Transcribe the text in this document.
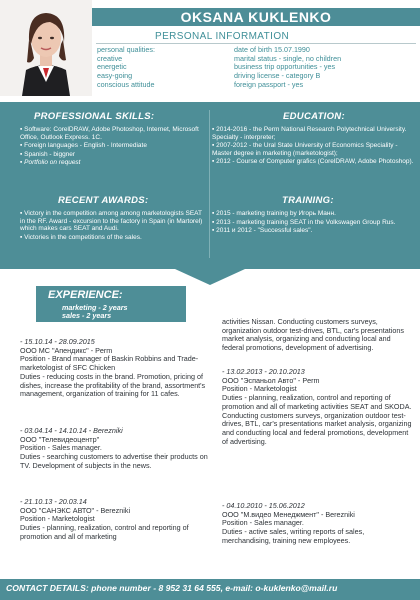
OKSANA KUKLENKO
PERSONAL INFORMATION
personal qualities:
creative
energetic
easy-going
conscious attitude
date of birth 15.07.1990
marital status - single, no children
business trip opportunities - yes
driving license - category B
foreign passport - yes
PROFESSIONAL SKILLS:
▪ Software: CorelDRAW, Adobe Photoshop, Internet, Microsoft Office, Outlook Express. 1C.
▪ Foreign languages - English - Intermediate
▪ Spanish - biggner
▪ Portfolio on request
EDUCATION:
▪ 2014-2016 - the Perm National Research Polytechnical University. Specialty - interpreter;
▪ 2007-2012 - the Ural State University of Economics Speciality - Master degree in marketing (marketologist);
▪ 2012 - Course of Computer grafics (CorelDRAW, Adobe Photoshop).
RECENT AWARDS:
▪ Victory in the competition among among marketologists SEAT in the RF. Award - excursion to the factory in Spain (in Martorel) which makes cars SEAT and Audi.
▪ Victories in the competitions of the sales.
TRAINING:
▪ 2015 - marketing training by Игорь Манн.
▪ 2013 - marketing training SEAT in the Volkswagen Group Rus.
▪ 2011 и 2012 - "Successful sales".
EXPERIENCE:
marketing - 2 years
sales - 2 years
- 15.10.14 - 28.09.2015
ООО МС "Апендикс" - Perm
Position - Brand manager of Baskin Robbins and Trade-marketologist of SFC Chicken
Duties - reducing costs in the brand. Promotion, pricing of dishes, increase the profitability of the brand, assortment's management, organization of training for 11 cafes.
- 03.04.14 - 14.10.14 - Berezniki
ООО "Телевидеоцентр"
Position - Sales manager.
Duties - searching customers to advertise their products on TV. Development of subjects in the news.
- 21.10.13 - 20.03.14
ООО "САНЭКС АВТО" - Berezniki
Position - Marketologist
Duties - planning, realization, control and reporting of promotion and all of marketing
activities Nissan. Conducting customers surveys, organization outdoor test-drives, BTL, car's presentations market analysis, organizing and conducting local and federal promotions, development of advertising.
- 13.02.2013 - 20.10.2013
ООО "Эспаньол Авто" - Perm
Position - Marketologist
Duties - planning, realization, control and reporting of promotion and all of marketing activities SEAT and SKODA. Conducting customers surveys, organization outdoor test-drives, BTL, car's presentations market analysis, organizing and conducting local and federal promotions, development of advertising.
- 04.10.2010 - 15.06.2012
ООО "М.видео Менеджмент" - Berezniki
Position - Sales manager.
Duties - active sales, writing reports of sales, merchandising, training new employees.
CONTACT DETAILS: phone number - 8 952 31 64 555, e-mail: o-kuklenko@mail.ru
